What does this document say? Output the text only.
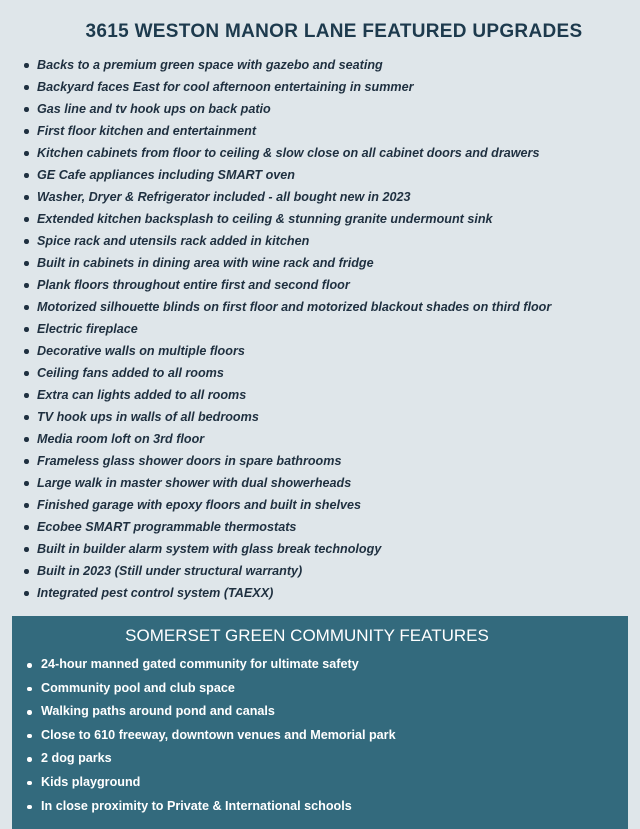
3615 WESTON MANOR LANE FEATURED UPGRADES
Backs to a premium green space with gazebo and seating
Backyard faces East for cool afternoon entertaining in summer
Gas line and tv hook ups on back patio
First floor kitchen and entertainment
Kitchen cabinets from floor to ceiling & slow close on all cabinet doors and drawers
GE Cafe appliances including SMART oven
Washer, Dryer & Refrigerator included - all bought new in 2023
Extended kitchen backsplash to ceiling & stunning granite undermount sink
Spice rack and utensils rack added in kitchen
Built in cabinets in dining area with wine rack and fridge
Plank floors throughout entire first and second floor
Motorized silhouette blinds on first floor and motorized blackout shades on third floor
Electric fireplace
Decorative walls on multiple floors
Ceiling fans added to all rooms
Extra can lights added to all rooms
TV hook ups in walls of all bedrooms
Media room loft on 3rd floor
Frameless glass shower doors in spare bathrooms
Large walk in master shower with dual showerheads
Finished garage with epoxy floors and built in shelves
Ecobee SMART programmable thermostats
Built in builder alarm system with glass break technology
Built in 2023 (Still under structural warranty)
Integrated pest control system (TAEXX)
SOMERSET GREEN COMMUNITY FEATURES
24-hour manned gated community for ultimate safety
Community pool and club space
Walking paths around pond and canals
Close to 610 freeway, downtown venues and Memorial park
2 dog parks
Kids playground
In close proximity to Private & International schools
